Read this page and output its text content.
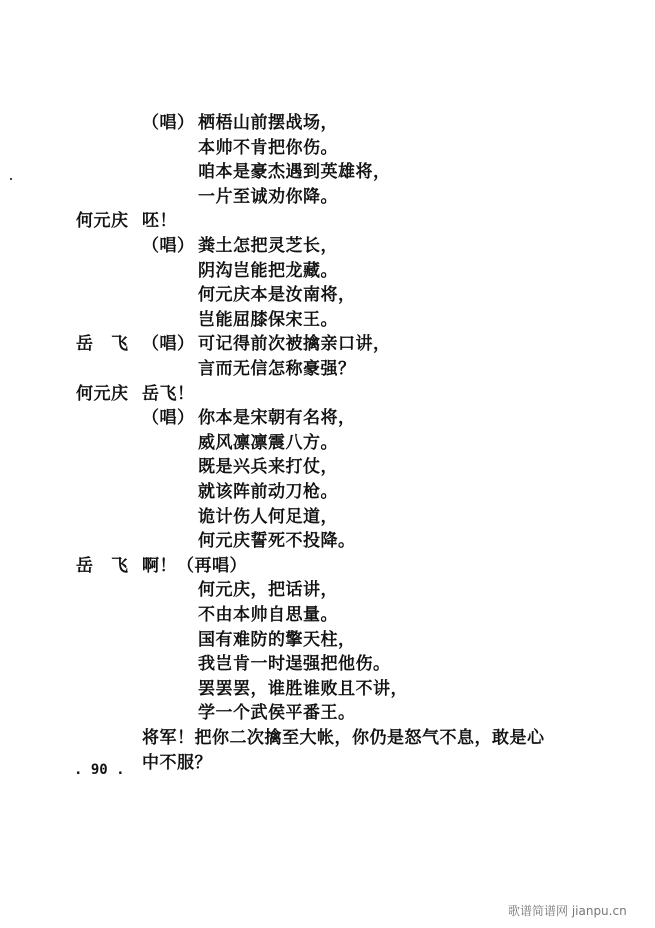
（唱） 栖梧山前摆战场，
本帅不肯把你伤。
咱本是豪杰遇到英雄将，
一片至诚劝你降。
何元庆 呸！
（唱） 粪土怎把灵芝长，
阴沟岂能把龙藏。
何元庆本是汝南将，
岂能屈膝保宋王。
岳　飞 （唱） 可记得前次被擒亲口讲，
言而无信怎称豪强？
何元庆 岳飞！
（唱） 你本是宋朝有名将，
威风凛凛震八方。
既是兴兵来打仗，
就该阵前动刀枪。
诡计伤人何足道，
何元庆誓死不投降。
岳　飞 啊！（再唱）
何元庆，把话讲，
不由本帅自思量。
国有难防的擎天柱，
我岂肯一时逞强把他伤。
罢罢罢，谁胜谁败且不讲，
学一个武侯平番王。
将军！把你二次擒至大帐，你仍是怒气不息，敢是心
中不服？
. 90 .
歌谱简谱网 jianpu.cn
